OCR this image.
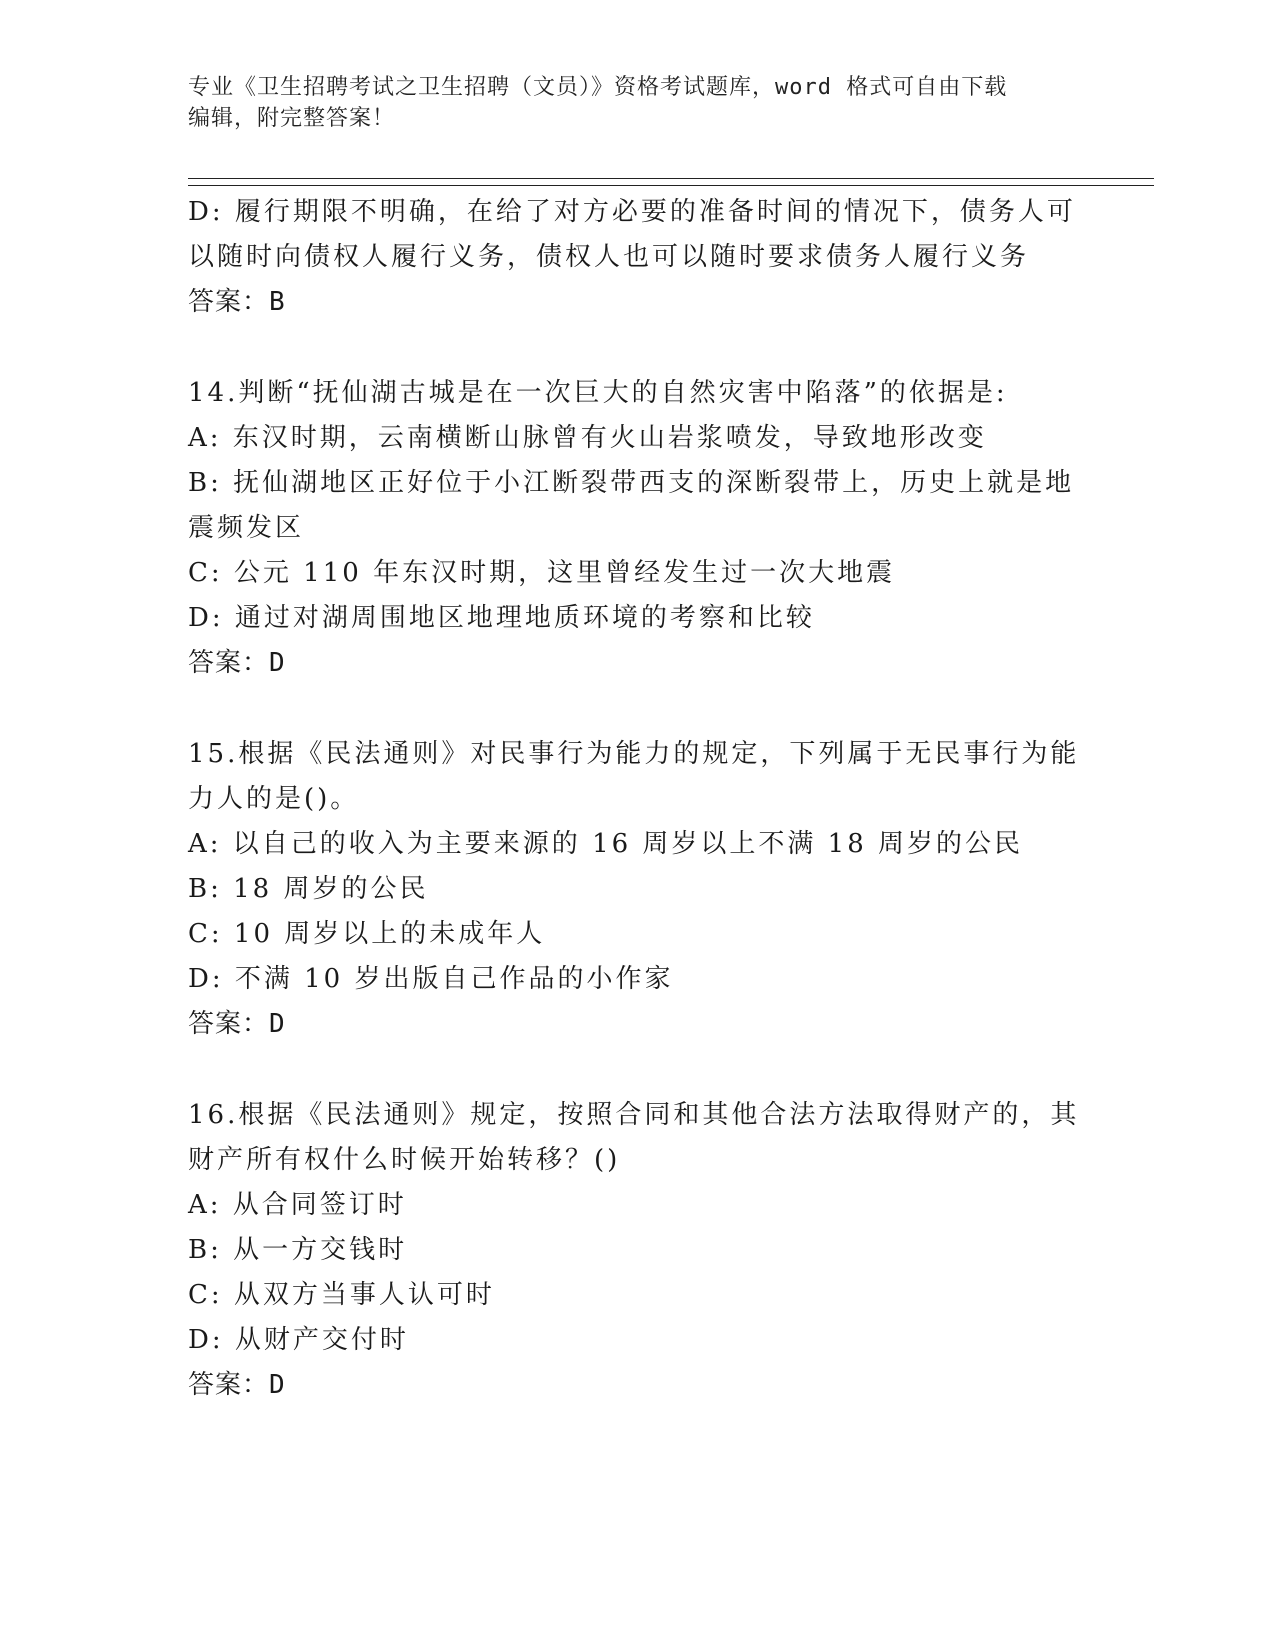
专业《卫生招聘考试之卫生招聘（文员）》资格考试题库，word 格式可自由下载
编辑，附完整答案！

D: 履行期限不明确，在给了对方必要的准备时间的情况下，债务人可

以随时向债权人履行义务，债权人也可以随时要求债务人履行义务

答案：B

14.判断“抚仙湖古城是在一次巨大的自然灾害中陷落”的依据是:

A: 东汉时期，云南横断山脉曾有火山岩浆喷发，导致地形改变

B: 抚仙湖地区正好位于小江断裂带西支的深断裂带上，历史上就是地

震频发区

C: 公元 110 年东汉时期，这里曾经发生过一次大地震

D: 通过对湖周围地区地理地质环境的考察和比较

答案：D

15.根据《民法通则》对民事行为能力的规定，下列属于无民事行为能

力人的是()。

A: 以自己的收入为主要来源的 16 周岁以上不满 18 周岁的公民

B: 18 周岁的公民

C: 10 周岁以上的未成年人

D: 不满 10 岁出版自己作品的小作家

答案：D

16.根据《民法通则》规定，按照合同和其他合法方法取得财产的，其

财产所有权什么时候开始转移？()

A: 从合同签订时

B: 从一方交钱时

C: 从双方当事人认可时

D: 从财产交付时

答案：D
